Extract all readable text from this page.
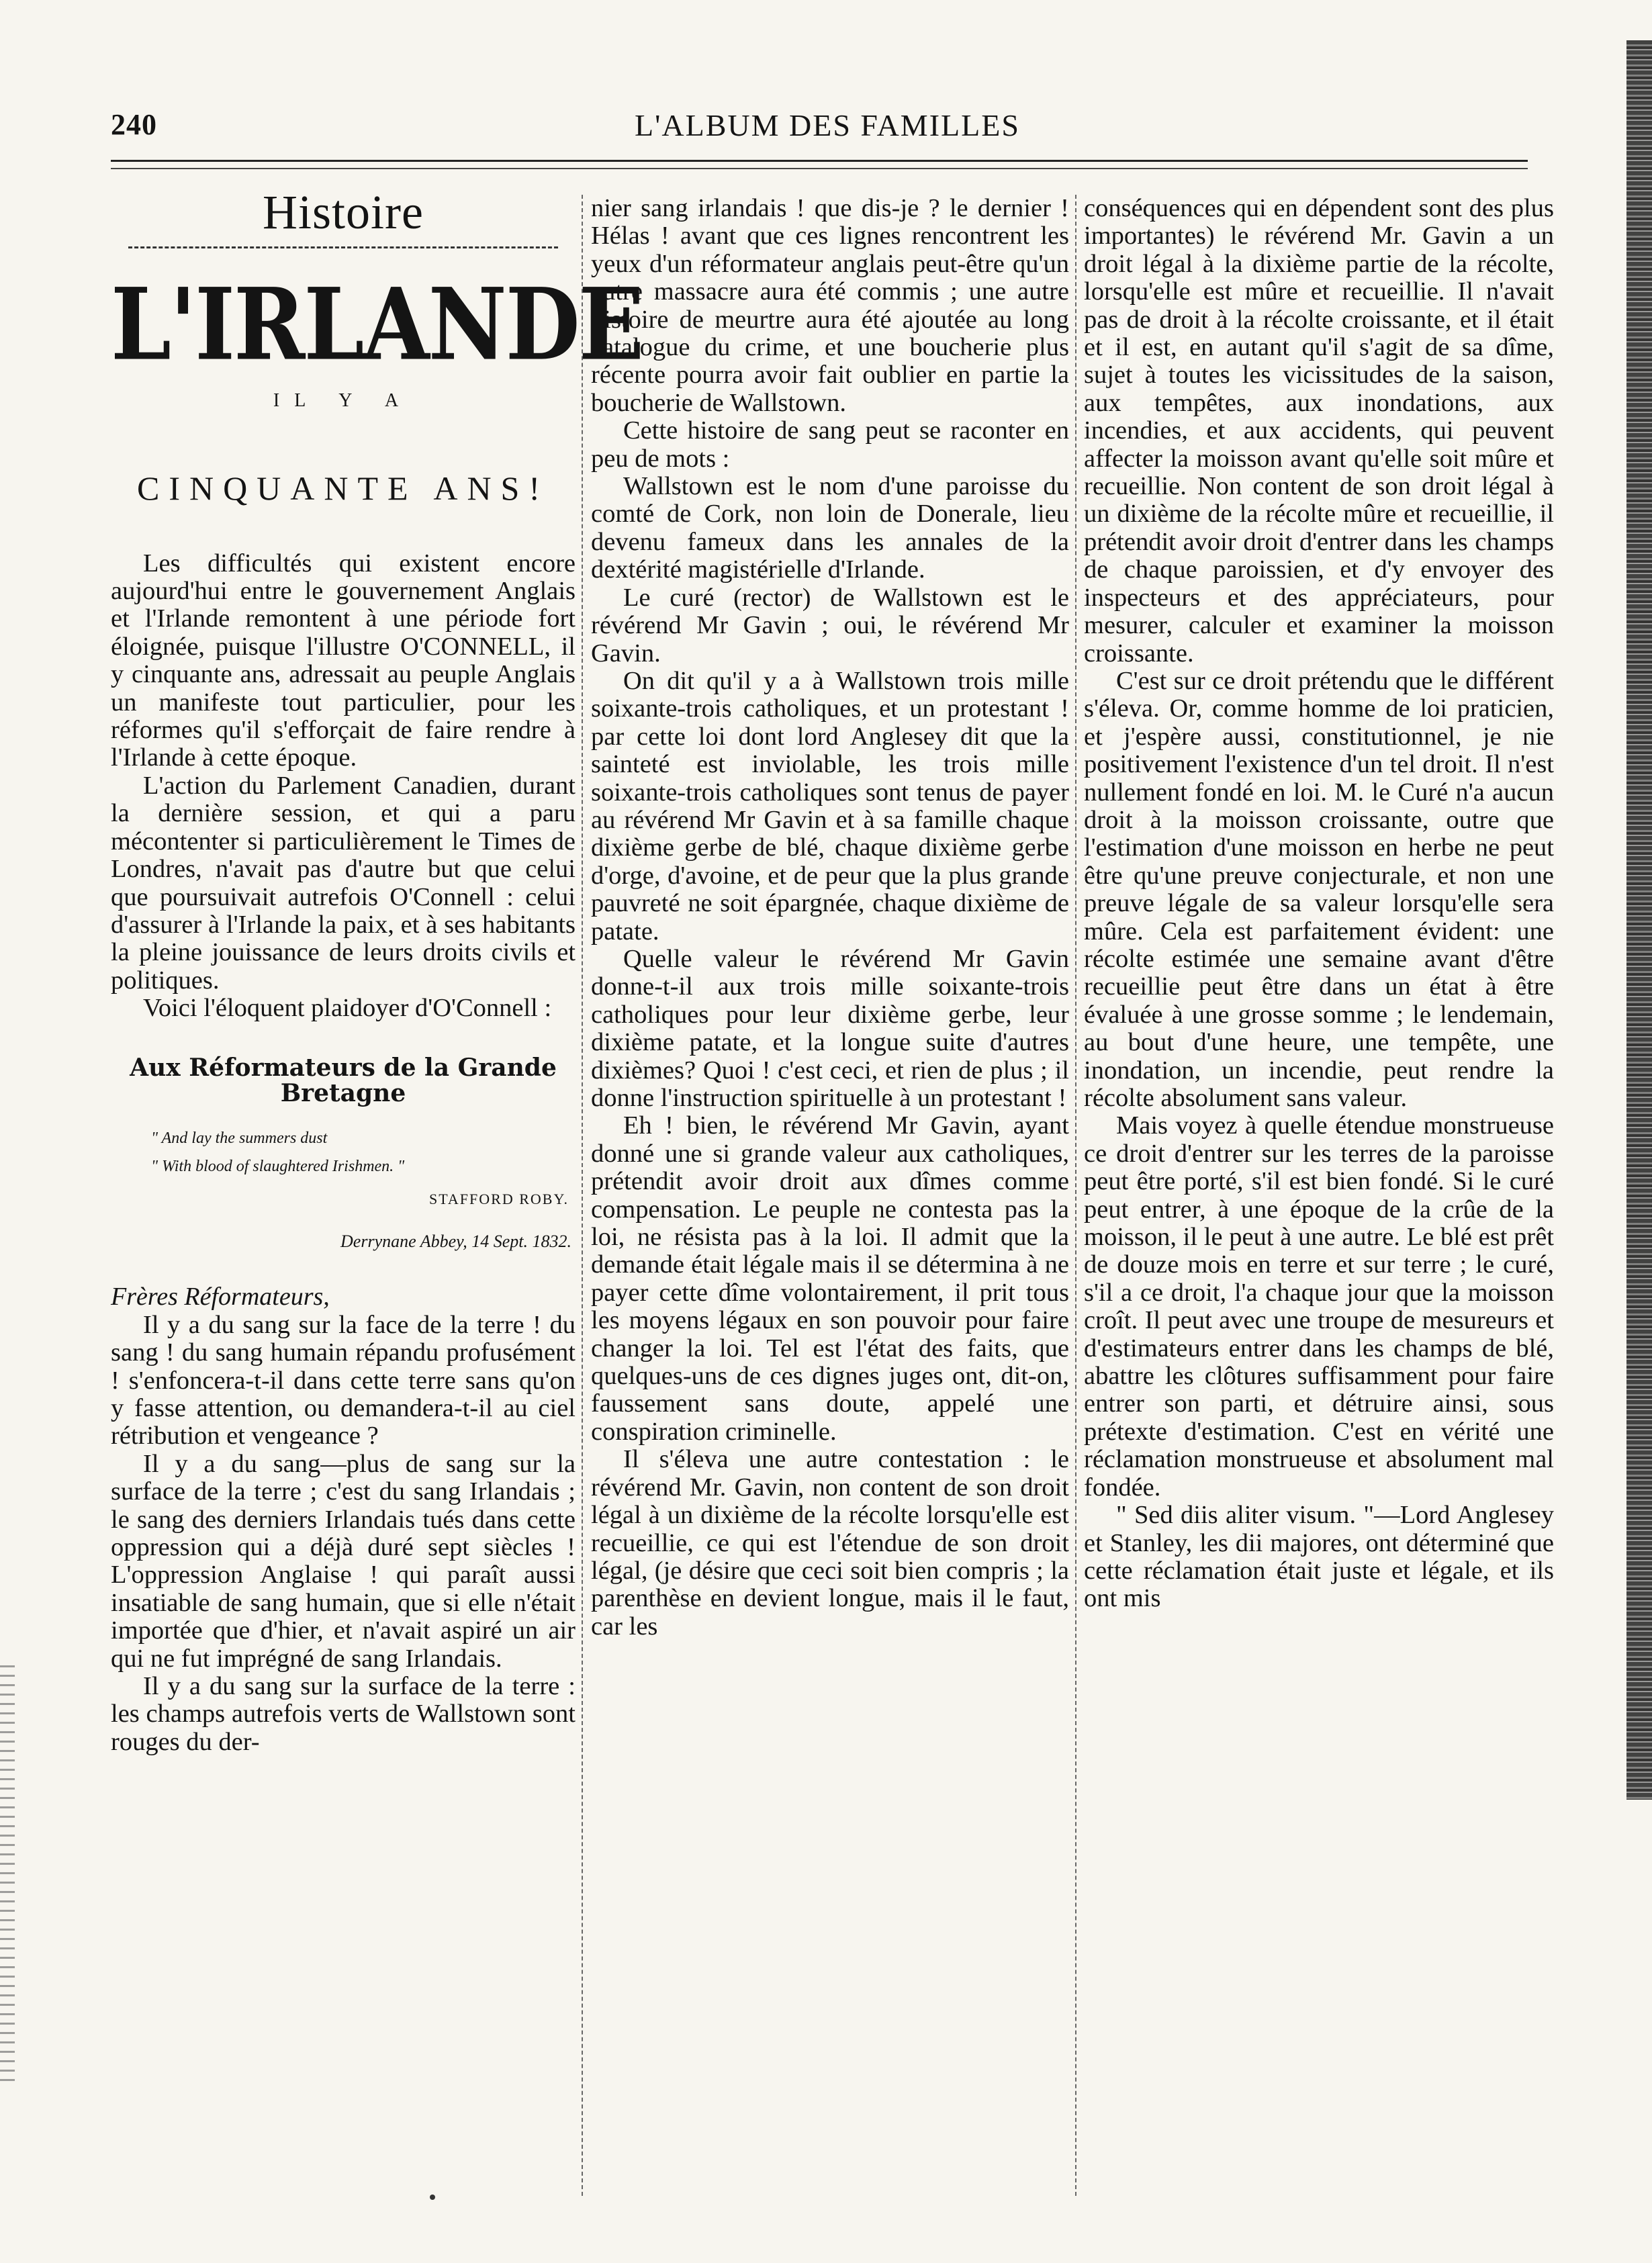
240	L'ALBUM DES FAMILLES
Histoire
L'IRLANDE
IL Y A
CINQUANTE ANS!

Les difficultés qui existent encore aujourd'hui entre le gouvernement Anglais et l'Irlande remontent à une période fort éloignée, puisque l'illustre O'CONNELL, il y cinquante ans, adressait au peuple Anglais un manifeste tout particulier, pour les réformes qu'il s'efforçait de faire rendre à l'Irlande à cette époque.

L'action du Parlement Canadien, durant la dernière session, et qui a paru mécontenter si particulièrement le Times de Londres, n'avait pas d'autre but que celui que poursuivait autrefois O'Connell : celui d'assurer à l'Irlande la paix, et à ses habitants la pleine jouissance de leurs droits civils et politiques.

Voici l'éloquent plaidoyer d'O'Connell :

Aux Réformateurs de la Grande Bretagne
" And lay the summers dust
" With blood of slaughtered Irishmen. "
STAFFORD ROBY.
Derrynane Abbey, 14 Sept. 1832.

Frères Réformateurs,

Il y a du sang sur la face de la terre ! du sang ! du sang humain répandu profusément ! s'enfoncera-t-il dans cette terre sans qu'on y fasse attention, ou demandera-t-il au ciel rétribution et vengeance ?

Il y a du sang—plus de sang sur la surface de la terre ; c'est du sang Irlandais ; le sang des derniers Irlandais tués dans cette oppression qui a déjà duré sept siècles ! L'oppression Anglaise ! qui paraît aussi insatiable de sang humain, que si elle n'était importée que d'hier, et n'avait aspiré un air qui ne fut imprégné de sang Irlandais.

Il y a du sang sur la surface de la terre : les champs autrefois verts de Wallstown sont rouges du der-

nier sang irlandais ! que dis-je ? le dernier ! Hélas ! avant que ces lignes rencontrent les yeux d'un réformateur anglais peut-être qu'un autre massacre aura été commis ; une autre histoire de meurtre aura été ajoutée au long catalogue du crime, et une boucherie plus récente pourra avoir fait oublier en partie la boucherie de Wallstown.

Cette histoire de sang peut se raconter en peu de mots :

Wallstown est le nom d'une paroisse du comté de Cork, non loin de Donerale, lieu devenu fameux dans les annales de la dextérité magistérielle d'Irlande.

Le curé (rector) de Wallstown est le révérend Mr Gavin ; oui, le révérend Mr Gavin.

On dit qu'il y a à Wallstown trois mille soixante-trois catholiques, et un protestant ! par cette loi dont lord Anglesey dit que la sainteté est inviolable, les trois mille soixante-trois catholiques sont tenus de payer au révérend Mr Gavin et à sa famille chaque dixième gerbe de blé, chaque dixième gerbe d'orge, d'avoine, et de peur que la plus grande pauvreté ne soit épargnée, chaque dixième de patate.

Quelle valeur le révérend Mr Gavin donne-t-il aux trois mille soixante-trois catholiques pour leur dixième gerbe, leur dixième patate, et la longue suite d'autres dixièmes? Quoi ! c'est ceci, et rien de plus ; il donne l'instruction spirituelle à un protestant !

Eh ! bien, le révérend Mr Gavin, ayant donné une si grande valeur aux catholiques, prétendit avoir droit aux dîmes comme compensation. Le peuple ne contesta pas la loi, ne résista pas à la loi. Il admit que la demande était légale mais il se détermina à ne payer cette dîme volontairement, il prit tous les moyens légaux en son pouvoir pour faire changer la loi. Tel est l'état des faits, que quelques-uns de ces dignes juges ont, dit-on, faussement sans doute, appelé une conspiration criminelle.

Il s'éleva une autre contestation : le révérend Mr. Gavin, non content de son droit légal à un dixième de la récolte lorsqu'elle est recueillie, ce qui est l'étendue de son droit légal, (je désire que ceci soit bien compris ; la parenthèse en devient longue, mais il le faut, car les

conséquences qui en dépendent sont des plus importantes) le révérend Mr. Gavin a un droit légal à la dixième partie de la récolte, lorsqu'elle est mûre et recueillie. Il n'avait pas de droit à la récolte croissante, et il était et il est, en autant qu'il s'agit de sa dîme, sujet à toutes les vicissitudes de la saison, aux tempêtes, aux inondations, aux incendies, et aux accidents, qui peuvent affecter la moisson avant qu'elle soit mûre et recueillie. Non content de son droit légal à un dixième de la récolte mûre et recueillie, il prétendit avoir droit d'entrer dans les champs de chaque paroissien, et d'y envoyer des inspecteurs et des appréciateurs, pour mesurer, calculer et examiner la moisson croissante.

C'est sur ce droit prétendu que le différent s'éleva. Or, comme homme de loi praticien, et j'espère aussi, constitutionnel, je nie positivement l'existence d'un tel droit. Il n'est nullement fondé en loi. M. le Curé n'a aucun droit à la moisson croissante, outre que l'estimation d'une moisson en herbe ne peut être qu'une preuve conjecturale, et non une preuve légale de sa valeur lorsqu'elle sera mûre. Cela est parfaitement évident: une récolte estimée une semaine avant d'être recueillie peut être dans un état à être évaluée à une grosse somme ; le lendemain, au bout d'une heure, une tempête, une inondation, un incendie, peut rendre la récolte absolument sans valeur.

Mais voyez à quelle étendue monstrueuse ce droit d'entrer sur les terres de la paroisse peut être porté, s'il est bien fondé. Si le curé peut entrer, à une époque de la crûe de la moisson, il le peut à une autre. Le blé est prêt de douze mois en terre et sur terre ; le curé, s'il a ce droit, l'a chaque jour que la moisson croît. Il peut avec une troupe de mesureurs et d'estimateurs entrer dans les champs de blé, abattre les clôtures suffisamment pour faire entrer son parti, et détruire ainsi, sous prétexte d'estimation. C'est en vérité une réclamation monstrueuse et absolument mal fondée.

" Sed diis aliter visum. "—Lord Anglesey et Stanley, les dii majores, ont déterminé que cette réclamation était juste et légale, et ils ont mis
